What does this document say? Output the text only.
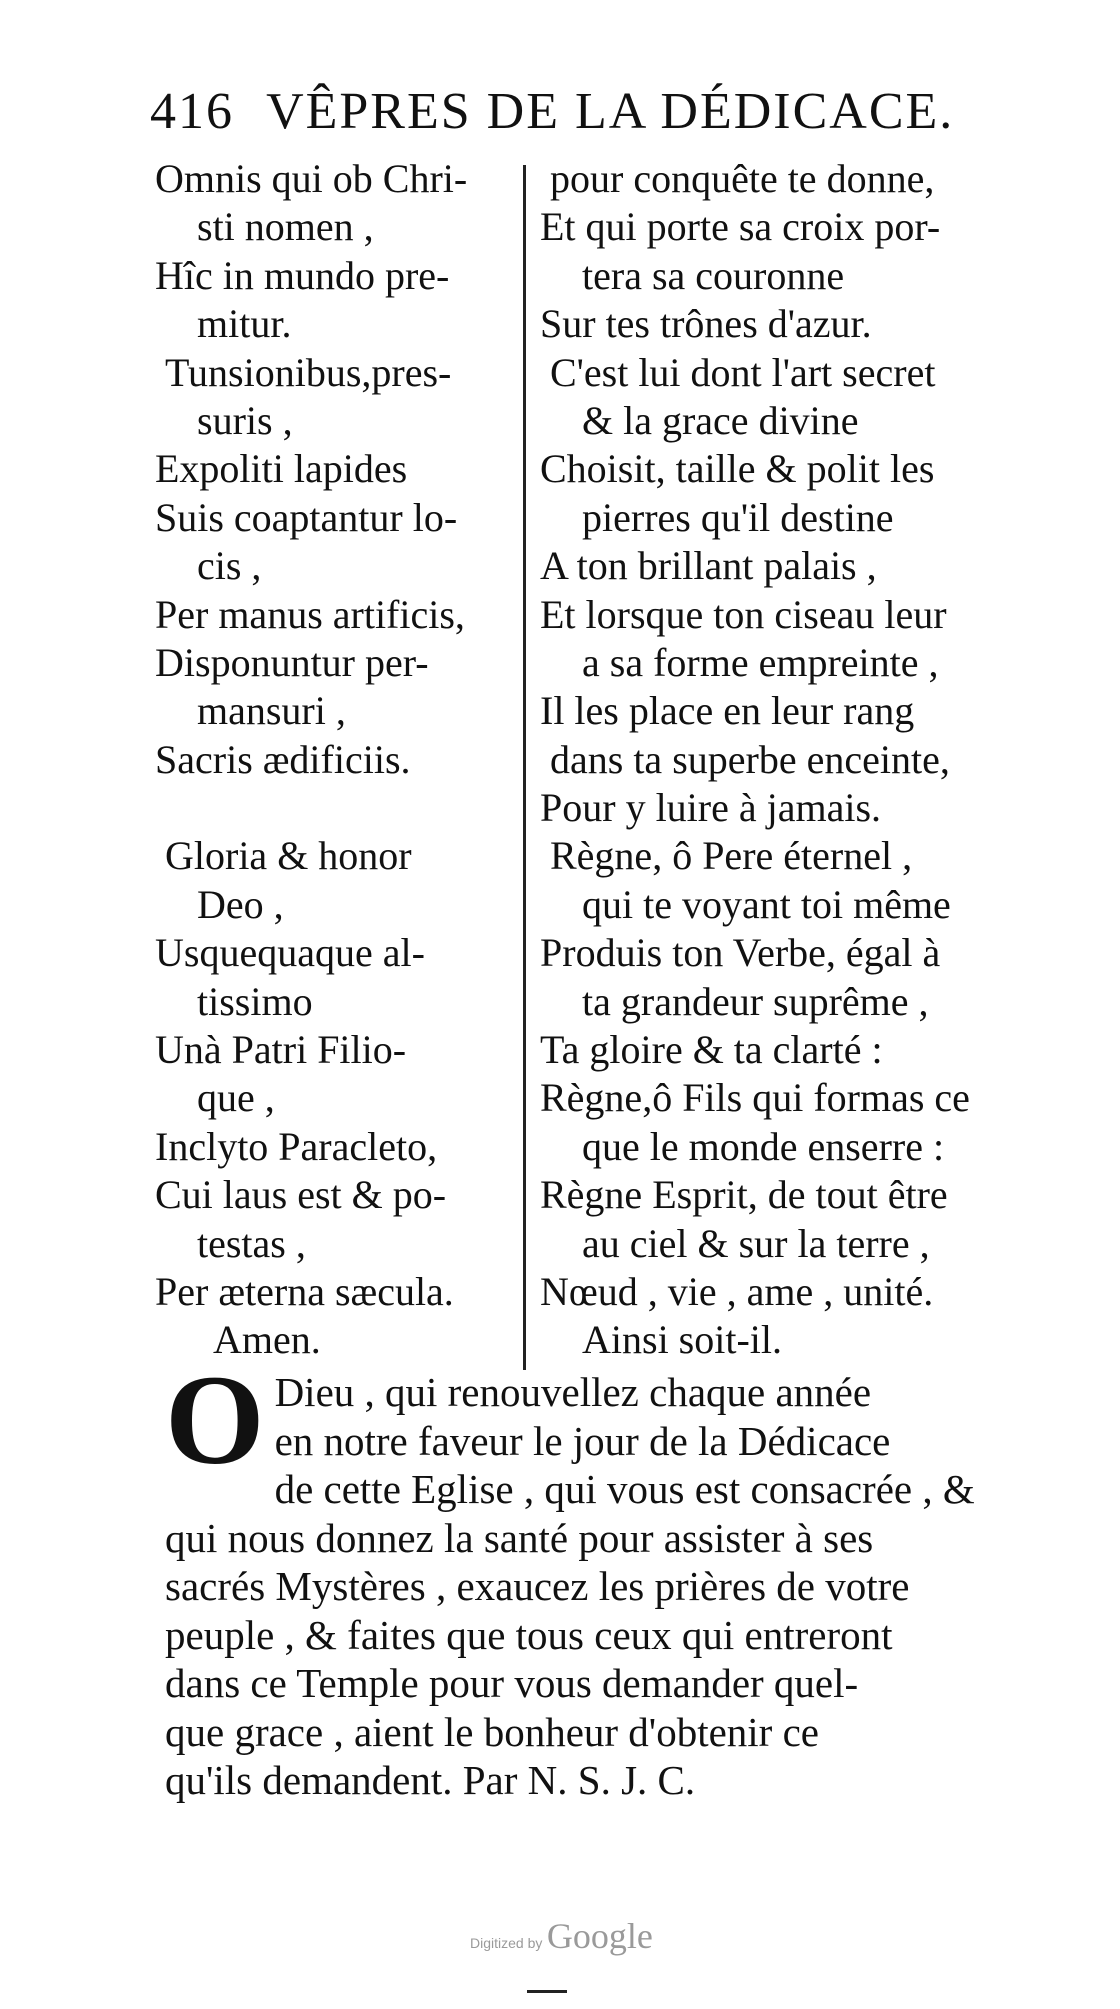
416 VÊPRES DE LA DÉDICACE.
Omnis qui ob Chri-
sti nomen ,
Hîc in mundo pre-
mitur.
Tunsionibus,pres-
suris ,
Expoliti lapides
Suis coaptantur lo-
cis ,
Per manus artificis,
Disponuntur per-
mansuri ,
Sacris ædificiis.
Gloria & honor
Deo ,
Usquequaque al-
tissimo
Unà Patri Filio-
que ,
Inclyto Paracleto,
Cui laus est & po-
testas ,
Per æterna sæcula.
Amen.
pour conquête te donne,
Et qui porte sa croix por-
tera sa couronne
Sur tes trônes d'azur.
C'est lui dont l'art secret
& la grace divine
Choisit, taille & polit les
pierres qu'il destine
A ton brillant palais ,
Et lorsque ton ciseau leur
a sa forme empreinte ,
Il les place en leur rang
dans ta superbe enceinte,
Pour y luire à jamais.
Règne, ô Pere éternel ,
qui te voyant toi même
Produis ton Verbe, égal à
ta grandeur suprême ,
Ta gloire & ta clarté :
Règne,ô Fils qui formas ce
que le monde enserre :
Règne Esprit, de tout être
au ciel & sur la terre ,
Nœud , vie , ame , unité.
Ainsi soit-il.
O Dieu , qui renouvellez chaque année
en notre faveur le jour de la Dédicace
de cette Eglise , qui vous est consacrée , &
qui nous donnez la santé pour assister à ses
sacrés Mystères , exaucez les prières de votre
peuple , & faites que tous ceux qui entreront
dans ce Temple pour vous demander quel-
que grace , aient le bonheur d'obtenir ce
qu'ils demandent. Par N. S. J. C.
Digitized by Google
